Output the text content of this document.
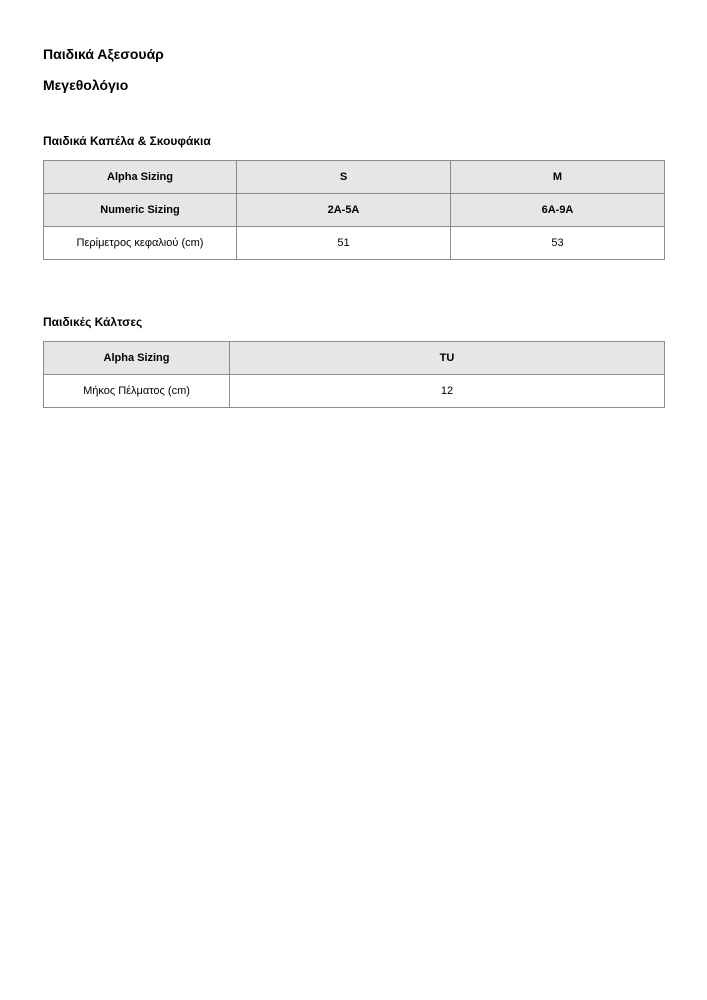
Παιδικά Αξεσουάρ
Μεγεθολόγιο
Παιδικά Καπέλα & Σκουφάκια
Alpha Sizing	S	M
Numeric Sizing	2A-5A	6A-9A
Περίμετρος κεφαλιού (cm)	51	53
Παιδικές Κάλτσες
Alpha Sizing	TU
Μήκος Πέλματος (cm)	12
